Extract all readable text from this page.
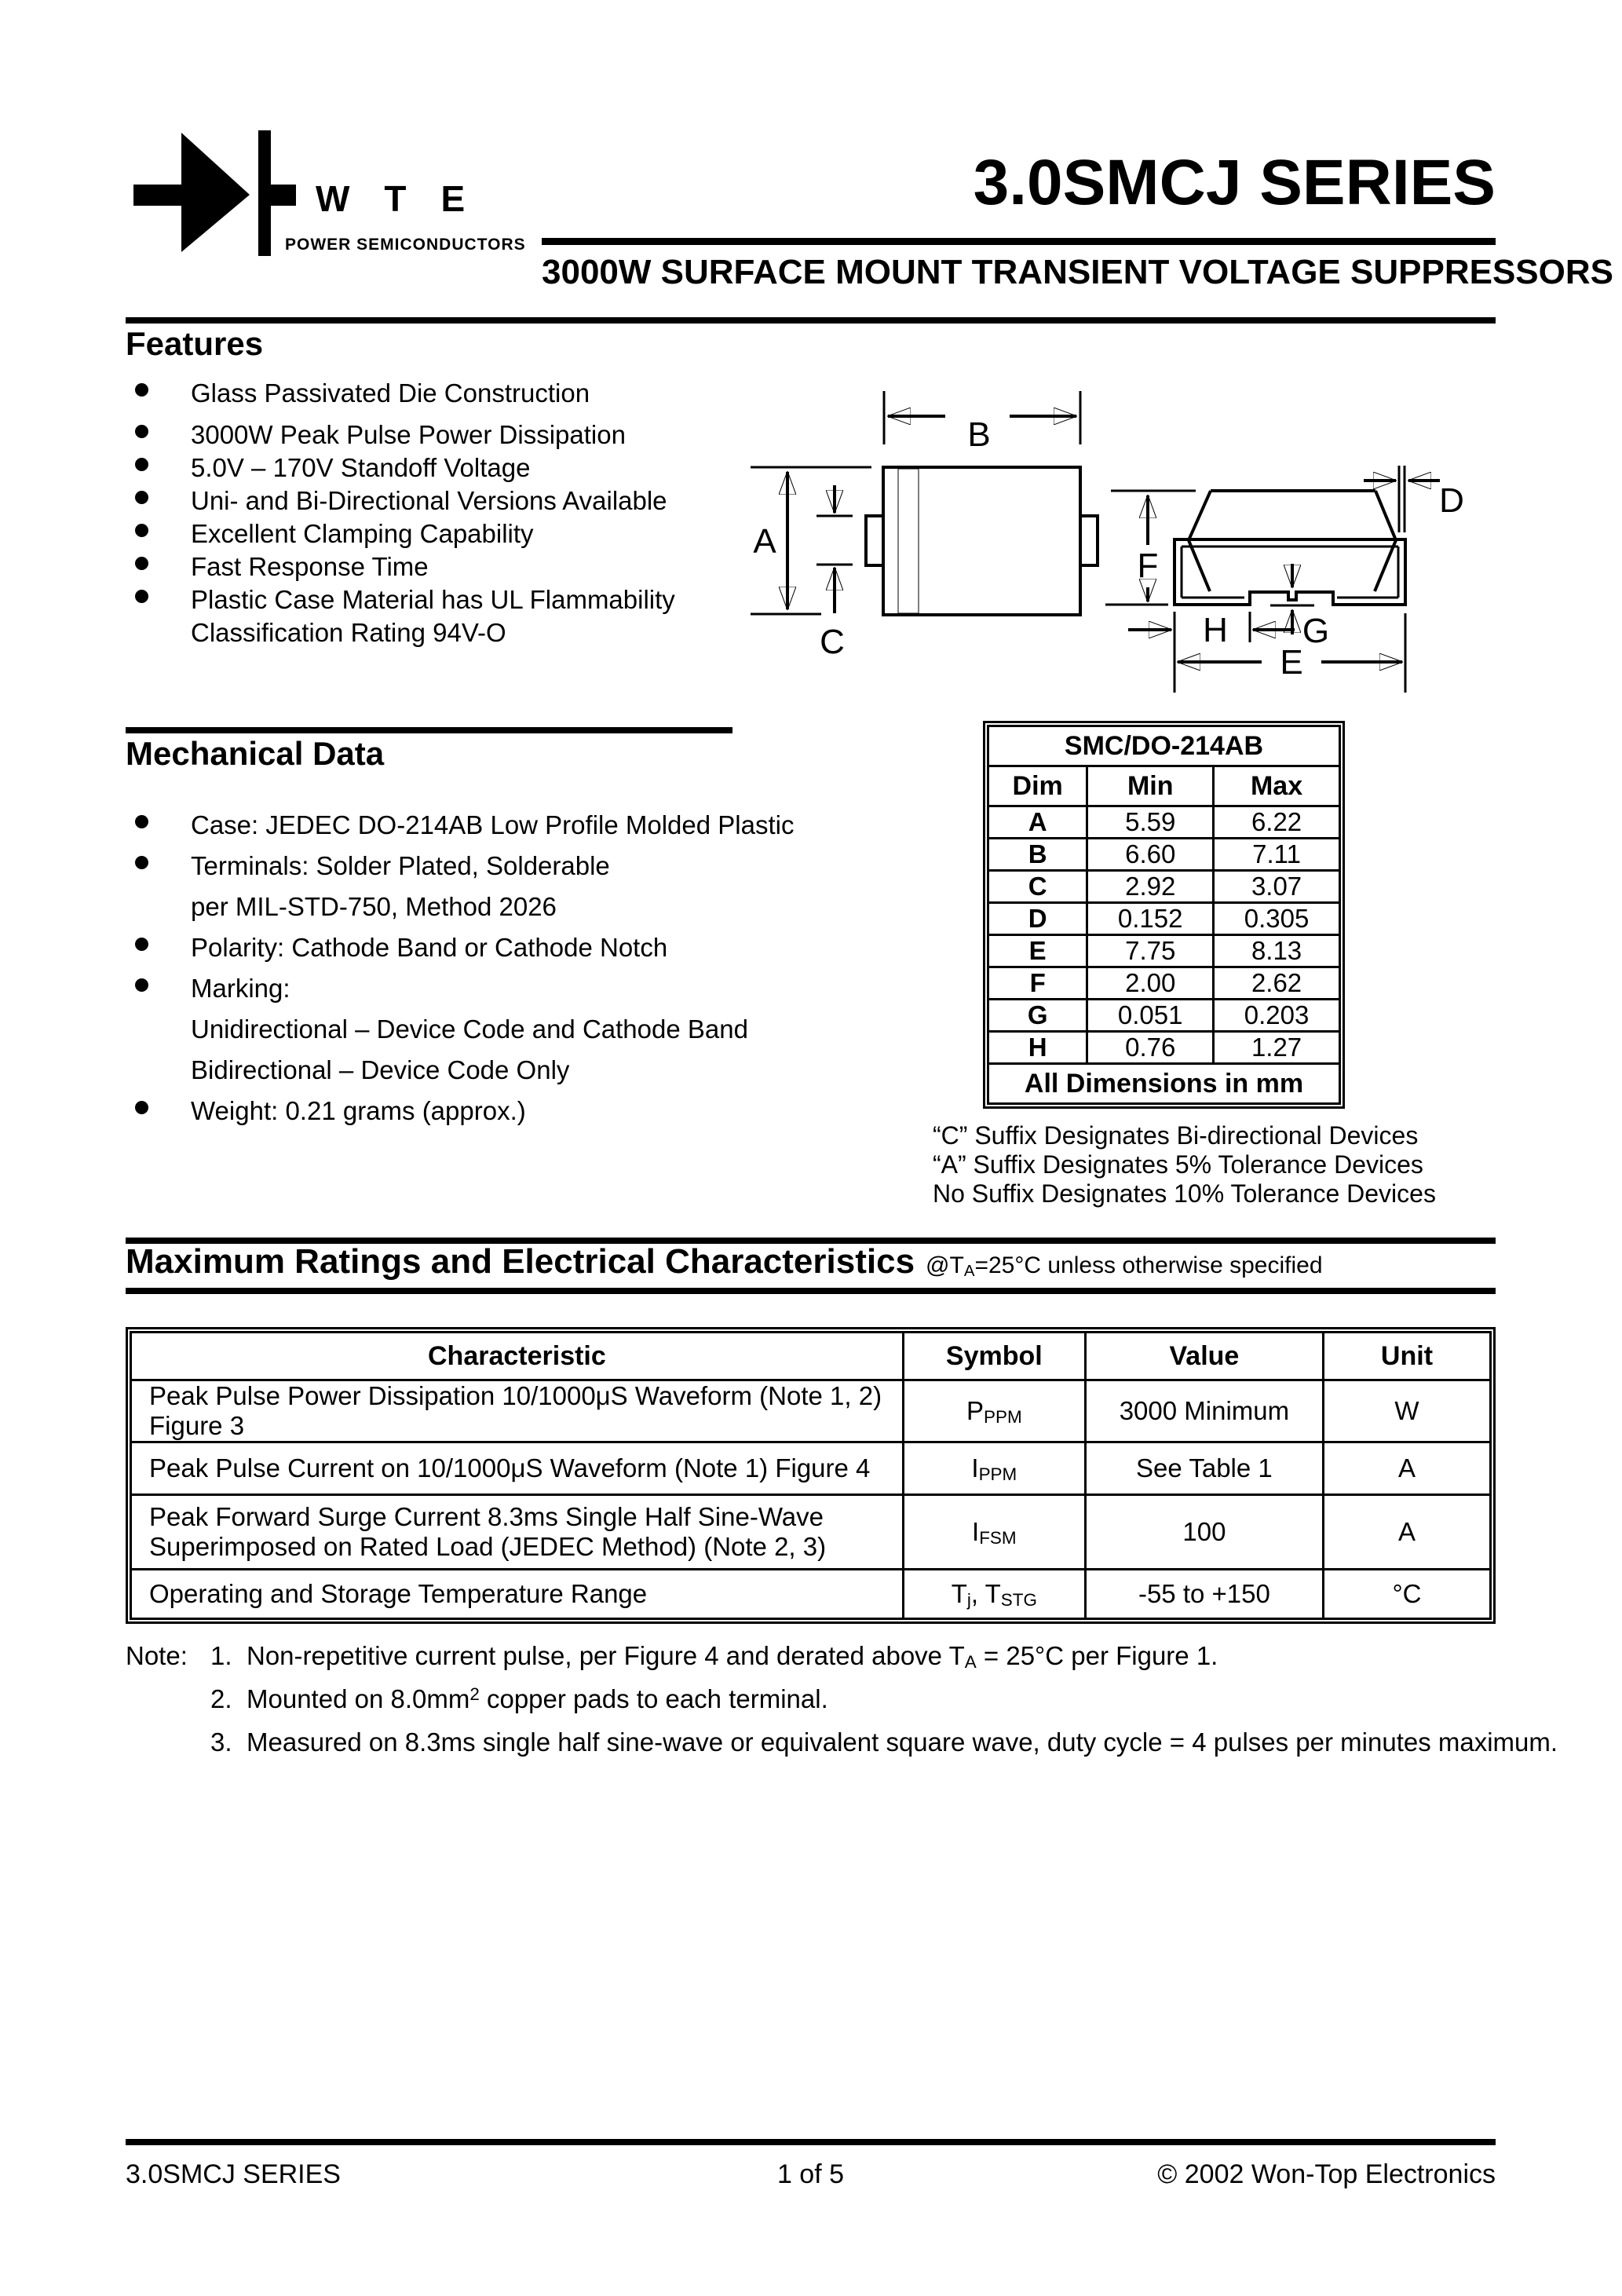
WTE
POWER SEMICONDUCTORS
3.0SMCJ SERIES
3000W SURFACE MOUNT TRANSIENT VOLTAGE SUPPRESSORS
Features
Glass Passivated Die Construction
3000W Peak Pulse Power Dissipation
5.0V – 170V Standoff Voltage
Uni- and Bi-Directional Versions Available
Excellent Clamping Capability
Fast Response Time
Plastic Case Material has UL Flammability
Classification Rating 94V-O
B
A
C
F
D
G
H
E
Mechanical Data
Case: JEDEC DO-214AB Low Profile Molded Plastic
Terminals: Solder Plated, Solderable
per MIL-STD-750, Method 2026
Polarity: Cathode Band or Cathode Notch
Marking:
Unidirectional – Device Code and Cathode Band
Bidirectional – Device Code Only
Weight: 0.21 grams (approx.)
SMC/DO-214AB		
Dim	Min	Max
A	5.59	6.22
B	6.60	7.11
C	2.92	3.07
D	0.152	0.305
E	7.75	8.13
F	2.00	2.62
G	0.051	0.203
H	0.76	1.27
All Dimensions in mm		
“C” Suffix Designates Bi-directional Devices
“A” Suffix Designates 5% Tolerance Devices
No Suffix Designates 10% Tolerance Devices
Maximum Ratings and Electrical Characteristics $@T_A=25^\circ C$ unless otherwise specified
Characteristic	Symbol	Value	Unit
Peak Pulse Power Dissipation 10/1000μS Waveform (Note 1, 2) Figure 3	$P_{PPM}$	3000 Minimum	W
Peak Pulse Current on 10/1000μS Waveform (Note 1) Figure 4	$I_{PPM}$	See Table 1	A

Peak Forward Surge Current 8.3ms Single Half Sine-Wave
Superimposed on Rated Load (JEDEC Method) (Note 2, 3)	$I_{FSM}$	100	A
Operating and Storage Temperature Range	$T_j$, $T_{STG}$	-55 to +150	°C
Note: 1. Non-repetitive current pulse, per Figure 4 and derated above $T_A = 25^\circ C$ per Figure 1.
2. Mounted on $8.0mm^2$ copper pads to each terminal.
3. Measured on 8.3ms single half sine-wave or equivalent square wave, duty cycle = 4 pulses per minutes maximum.
3.0SMCJ SERIES	1 of 5	© 2002 Won-Top Electronics
